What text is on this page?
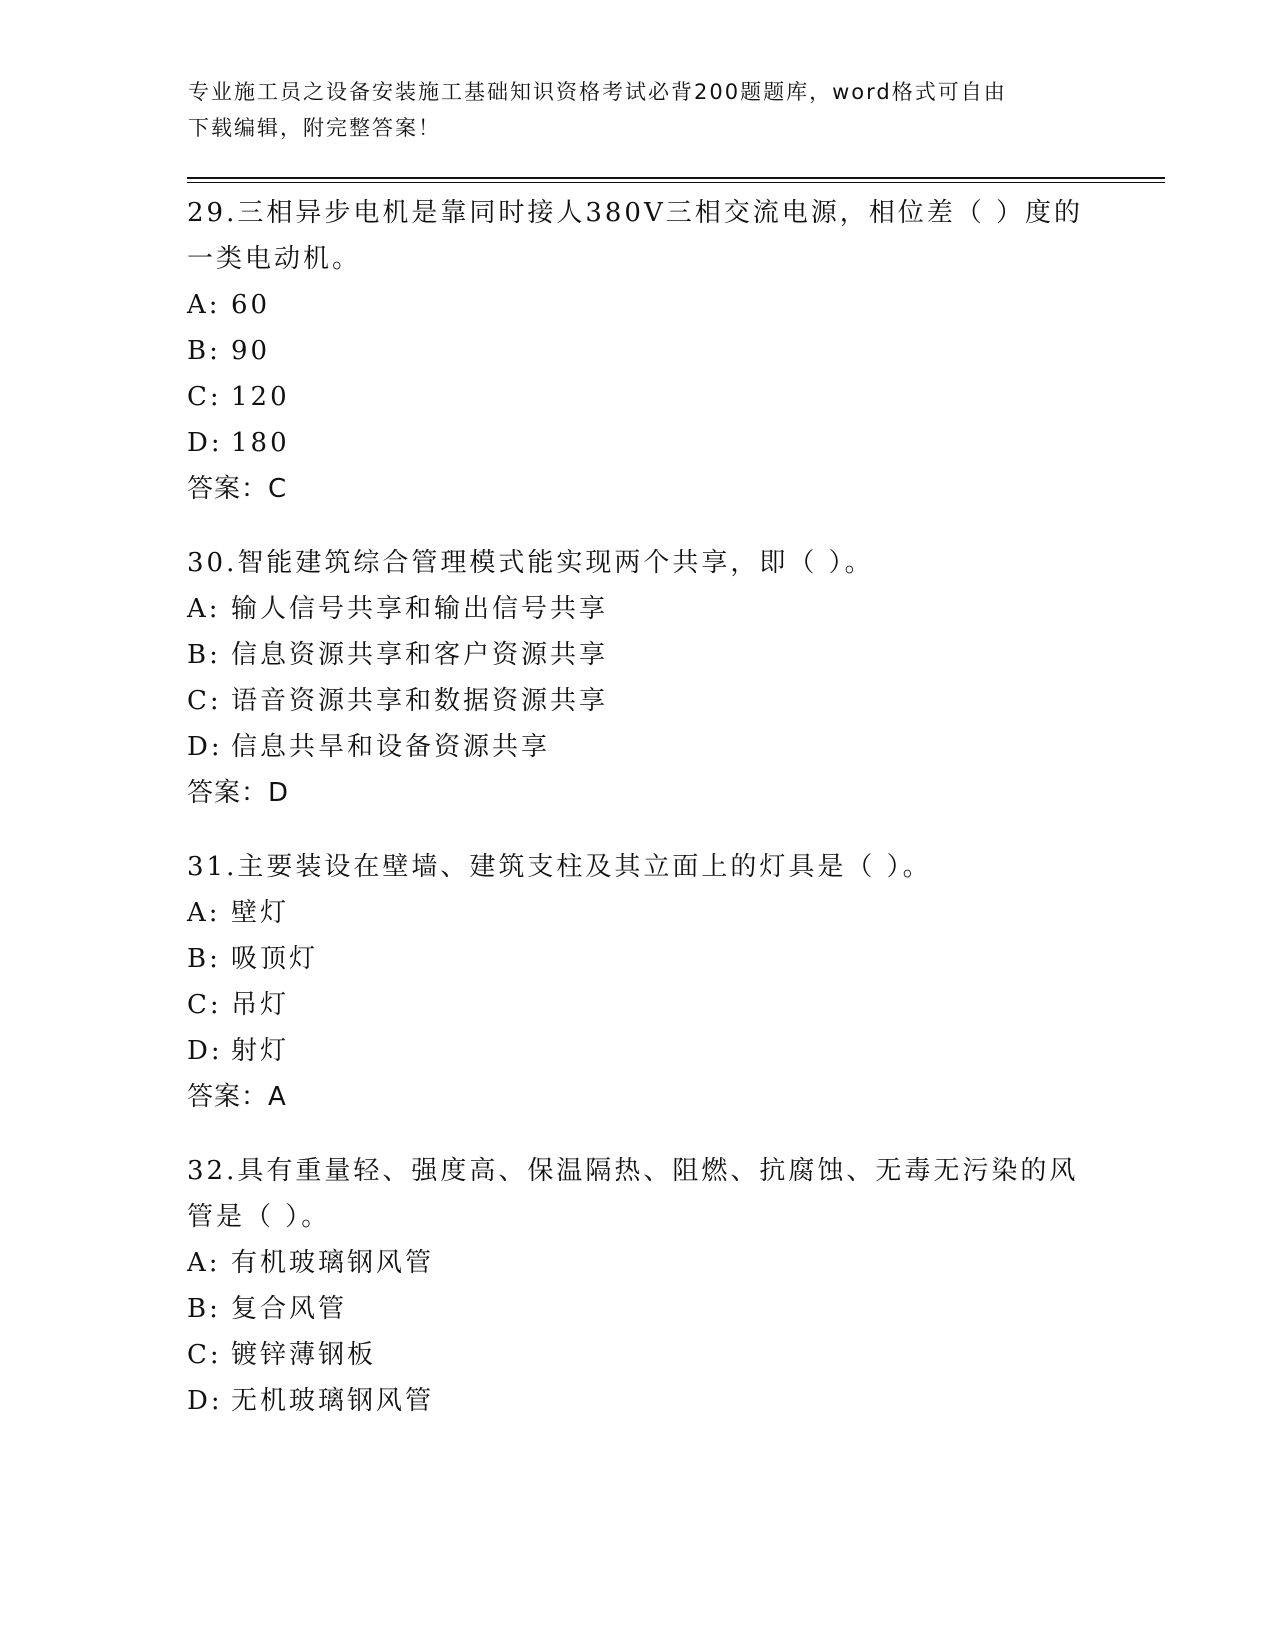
专业施工员之设备安装施工基础知识资格考试必背200题题库，word格式可自由
下载编辑，附完整答案！

29.三相异步电机是靠同时接人380V三相交流电源，相位差（ ）度的
一类电动机。

A: 60

B: 90

C: 120

D: 180

答案：C

30.智能建筑综合管理模式能实现两个共享，即（ ）。

A: 输人信号共享和输出信号共享

B: 信息资源共享和客户资源共享

C: 语音资源共享和数据资源共享

D: 信息共旱和设备资源共享

答案：D

31.主要装设在壁墙、建筑支柱及其立面上的灯具是（ ）。

A: 壁灯

B: 吸顶灯

C: 吊灯

D: 射灯

答案：A

32.具有重量轻、强度高、保温隔热、阻燃、抗腐蚀、无毒无污染的风
管是（ ）。

A: 有机玻璃钢风管

B: 复合风管

C: 镀锌薄钢板

D: 无机玻璃钢风管
